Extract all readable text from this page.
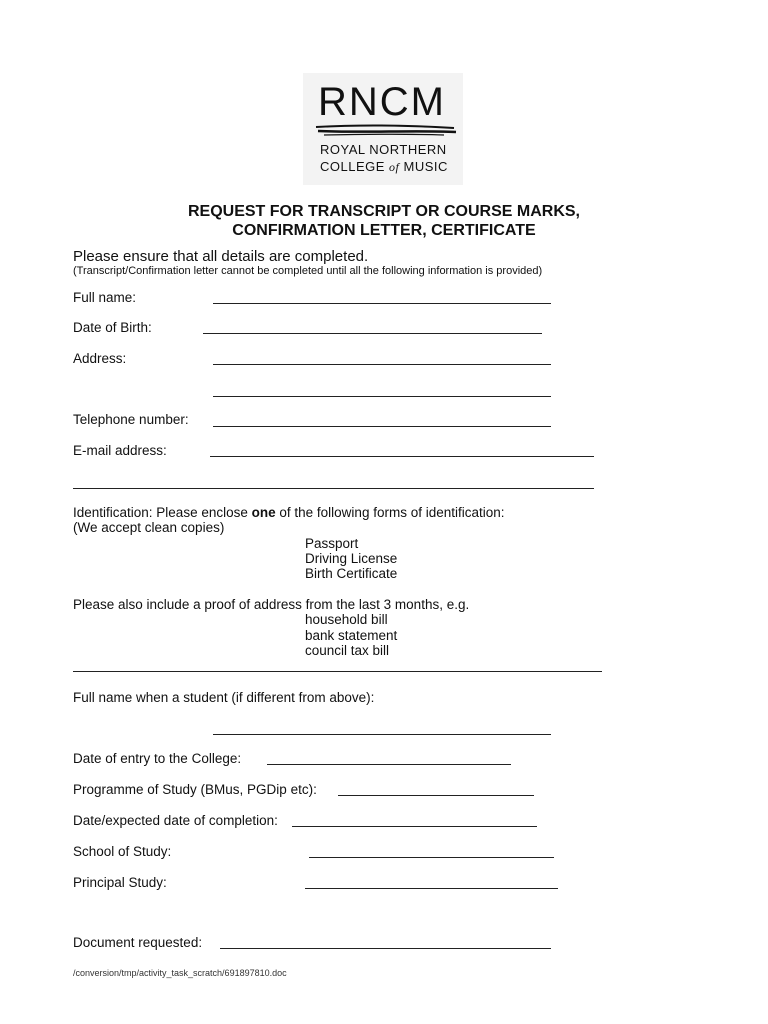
RNCM
ROYAL NORTHERN
COLLEGE of MUSIC
REQUEST FOR TRANSCRIPT OR COURSE MARKS,
CONFIRMATION LETTER, CERTIFICATE
Please ensure that all details are completed.
(Transcript/Confirmation letter cannot be completed until all the following information is provided)
Full name:
Date of Birth:
Address:
Telephone number:
E-mail address:
Identification: Please enclose one of the following forms of identification:
(We accept clean copies)
Passport
Driving License
Birth Certificate
Please also include a proof of address from the last 3 months, e.g.
household bill
bank statement
council tax bill
Full name when a student (if different from above):
Date of entry to the College:
Programme of Study (BMus, PGDip etc):
Date/expected date of completion:
School of Study:
Principal Study:
Document requested:
/conversion/tmp/activity_task_scratch/691897810.doc
